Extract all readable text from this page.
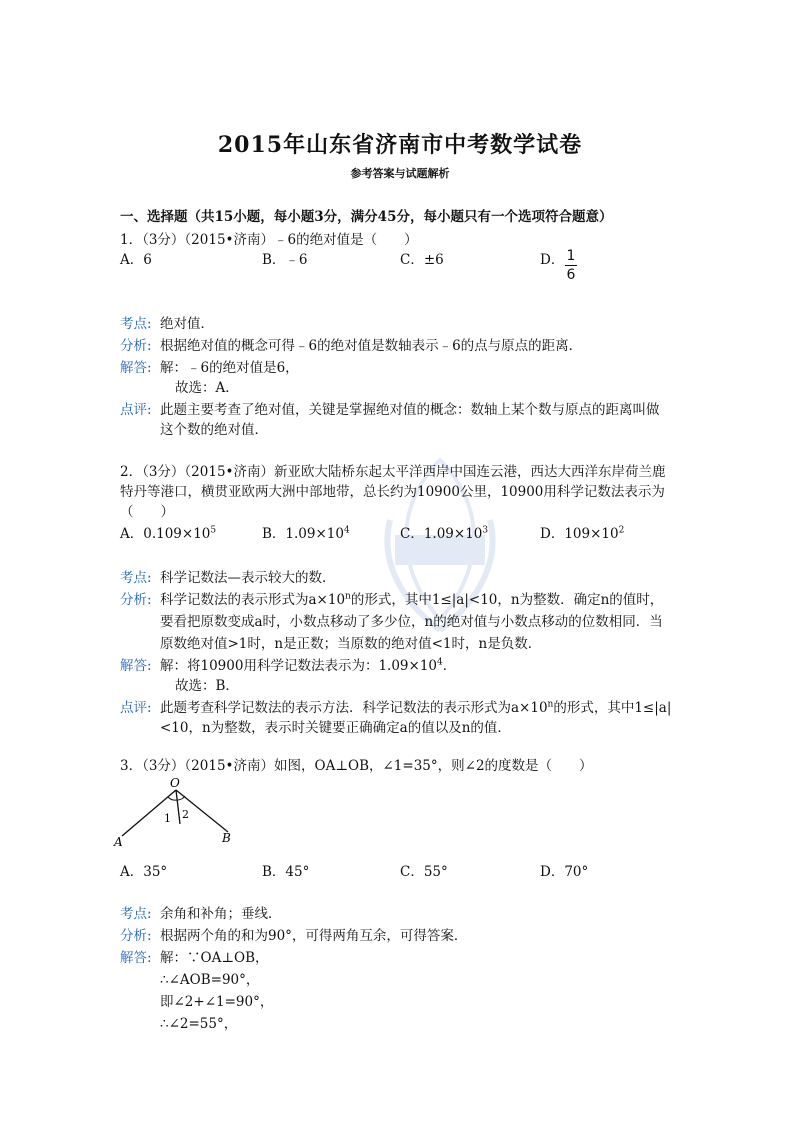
2015年山东省济南市中考数学试卷
参考答案与试题解析
一、选择题（共15小题，每小题3分，满分45分，每小题只有一个选项符合题意）
1．（3分）（2015•济南）﹣6的绝对值是（　　）
A．6	B．﹣6	C．±6	D． 1
6
考点: 绝对值．
分析: 根据绝对值的概念可得﹣6的绝对值是数轴表示﹣6的点与原点的距离．
解答: 解：﹣6的绝对值是6，
故选：A．
点评: 此题主要考查了绝对值，关键是掌握绝对值的概念：数轴上某个数与原点的距离叫做
这个数的绝对值．
2．（3分）（2015•济南）新亚欧大陆桥东起太平洋西岸中国连云港，西达大西洋东岸荷兰鹿
特丹等港口，横贯亚欧两大洲中部地带，总长约为10900公里，10900用科学记数法表示为
（　　）
A．$0.109\times 10^5$	B．$1.09\times 10^4$	C．$1.09\times 10^3$	D．$109\times 10^2$
考点: 科学记数法—表示较大的数．
分析: 科学记数法的表示形式为$a\times 10^n$的形式，其中1≤|a|<10，n为整数．确定n的值时，
要看把原数变成a时，小数点移动了多少位，n的绝对值与小数点移动的位数相同．当
原数绝对值>1时，n是正数；当原数的绝对值<1时，n是负数．
解答: 解：将10900用科学记数法表示为：$1.09\times 10^4$．
故选：B．
点评: 此题考查科学记数法的表示方法．科学记数法的表示形式为$a\times 10^n$的形式，其中1≤|a|
<10，n为整数，表示时关键要正确确定a的值以及n的值．
3．（3分）（2015•济南）如图，OA⊥OB，∠1=35°，则∠2的度数是（　　）
O
A	B
1 2
A．35°	B．45°	C．55°	D．70°
考点: 余角和补角；垂线．
分析: 根据两个角的和为90°，可得两角互余，可得答案．
解答: 解：∵OA⊥OB，
∴∠AOB=90°，
即∠2+∠1=90°，
∴∠2=55°，
